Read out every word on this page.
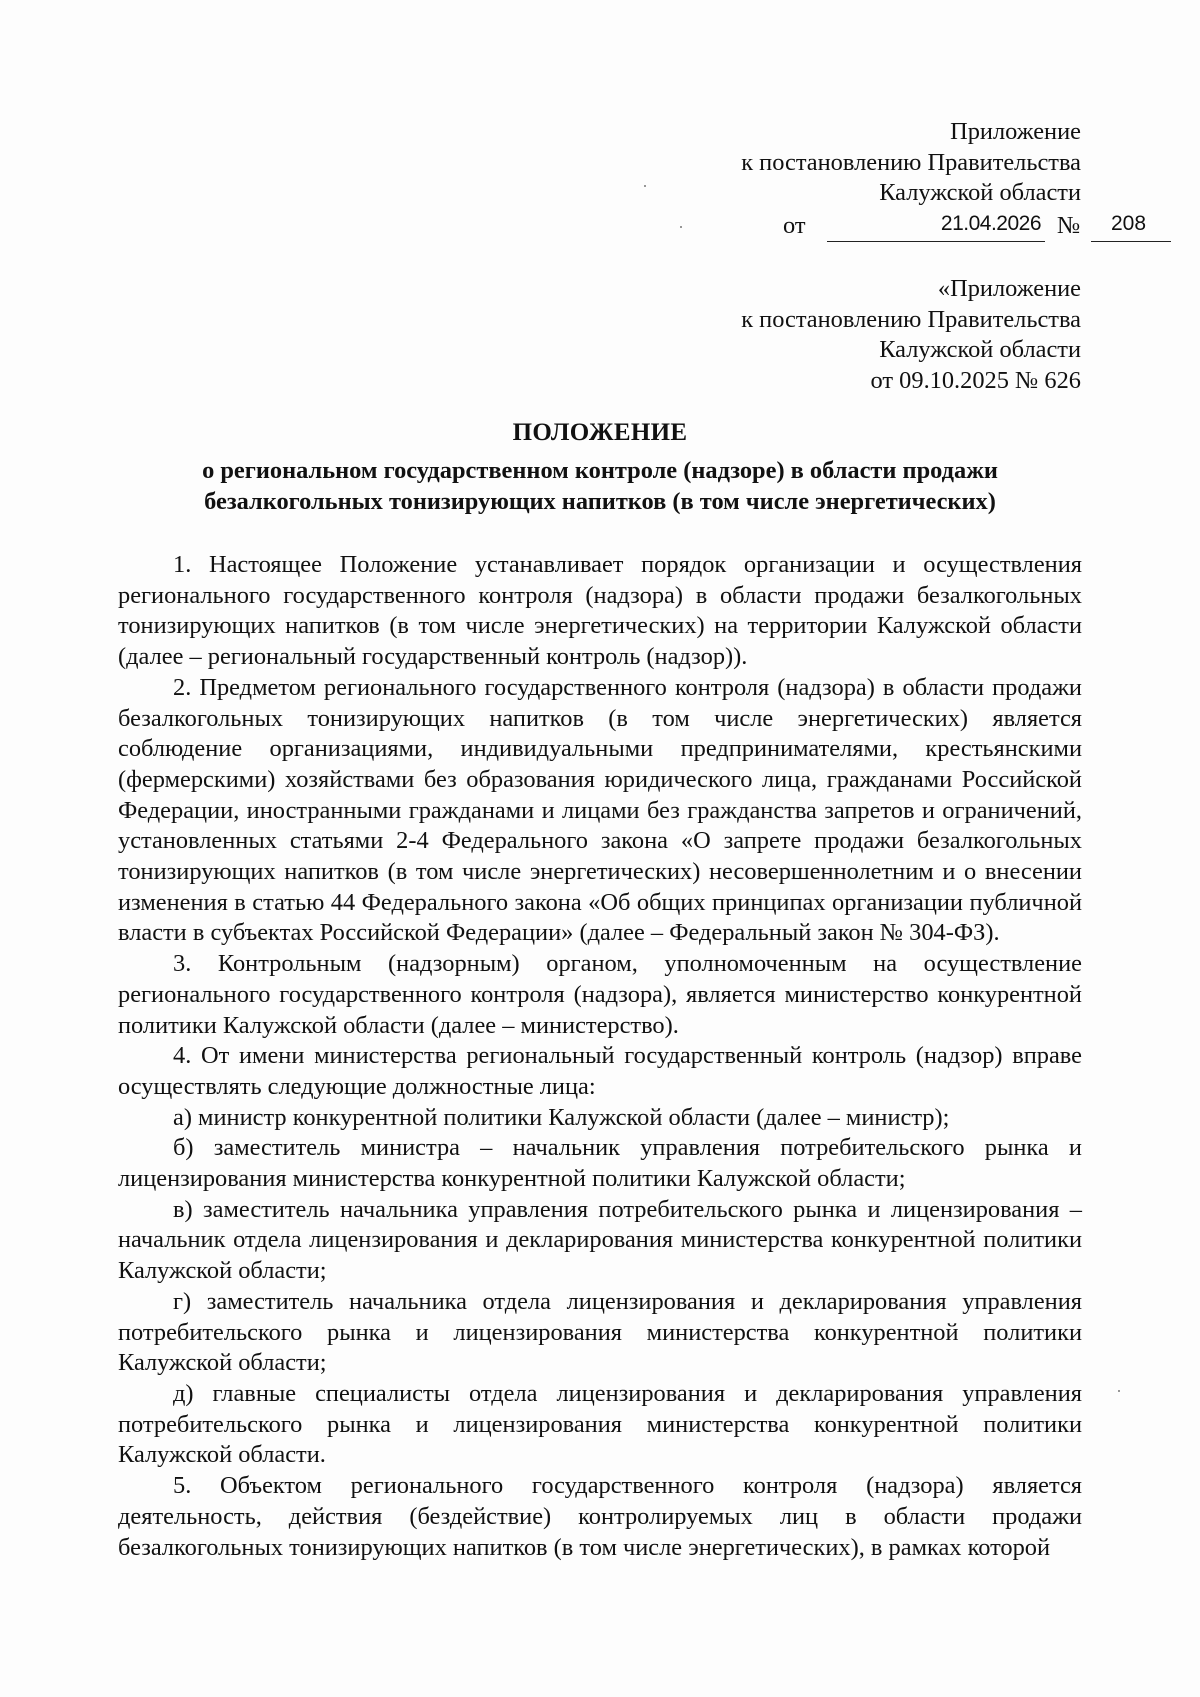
Приложение
к постановлению Правительства
Калужской области
от	21.04.2026 № 208
«Приложение
к постановлению Правительства
Калужской области
от 09.10.2025 № 626
ПОЛОЖЕНИЕ
о региональном государственном контроле (надзоре) в области продажи безалкогольных тонизирующих напитков (в том числе энергетических)

1. Настоящее Положение устанавливает порядок организации и осуществления регионального государственного контроля (надзора) в области продажи безалкогольных тонизирующих напитков (в том числе энергетических) на территории Калужской области (далее – региональный государственный контроль (надзор)).

2. Предметом регионального государственного контроля (надзора) в области продажи безалкогольных тонизирующих напитков (в том числе энергетических) является соблюдение организациями, индивидуальными предпринимателями, крестьянскими (фермерскими) хозяйствами без образования юридического лица, гражданами Российской Федерации, иностранными гражданами и лицами без гражданства запретов и ограничений, установленных статьями 2-4 Федерального закона «О запрете продажи безалкогольных тонизирующих напитков (в том числе энергетических) несовершеннолетним и о внесении изменения в статью 44 Федерального закона «Об общих принципах организации публичной власти в субъектах Российской Федерации» (далее – Федеральный закон № 304-ФЗ).

3. Контрольным (надзорным) органом, уполномоченным на осуществление регионального государственного контроля (надзора), является министерство конкурентной политики Калужской области (далее – министерство).

4. От имени министерства региональный государственный контроль (надзор) вправе осуществлять следующие должностные лица:

а) министр конкурентной политики Калужской области (далее – министр);

б) заместитель министра – начальник управления потребительского рынка и лицензирования министерства конкурентной политики Калужской области;

в) заместитель начальника управления потребительского рынка и лицензирования – начальник отдела лицензирования и декларирования министерства конкурентной политики Калужской области;

г) заместитель начальника отдела лицензирования и декларирования управления потребительского рынка и лицензирования министерства конкурентной политики Калужской области;

д) главные специалисты отдела лицензирования и декларирования управления потребительского рынка и лицензирования министерства конкурентной политики Калужской области.

5. Объектом регионального государственного контроля (надзора) является деятельность, действия (бездействие) контролируемых лиц в области продажи безалкогольных тонизирующих напитков (в том числе энергетических), в рамках которой
